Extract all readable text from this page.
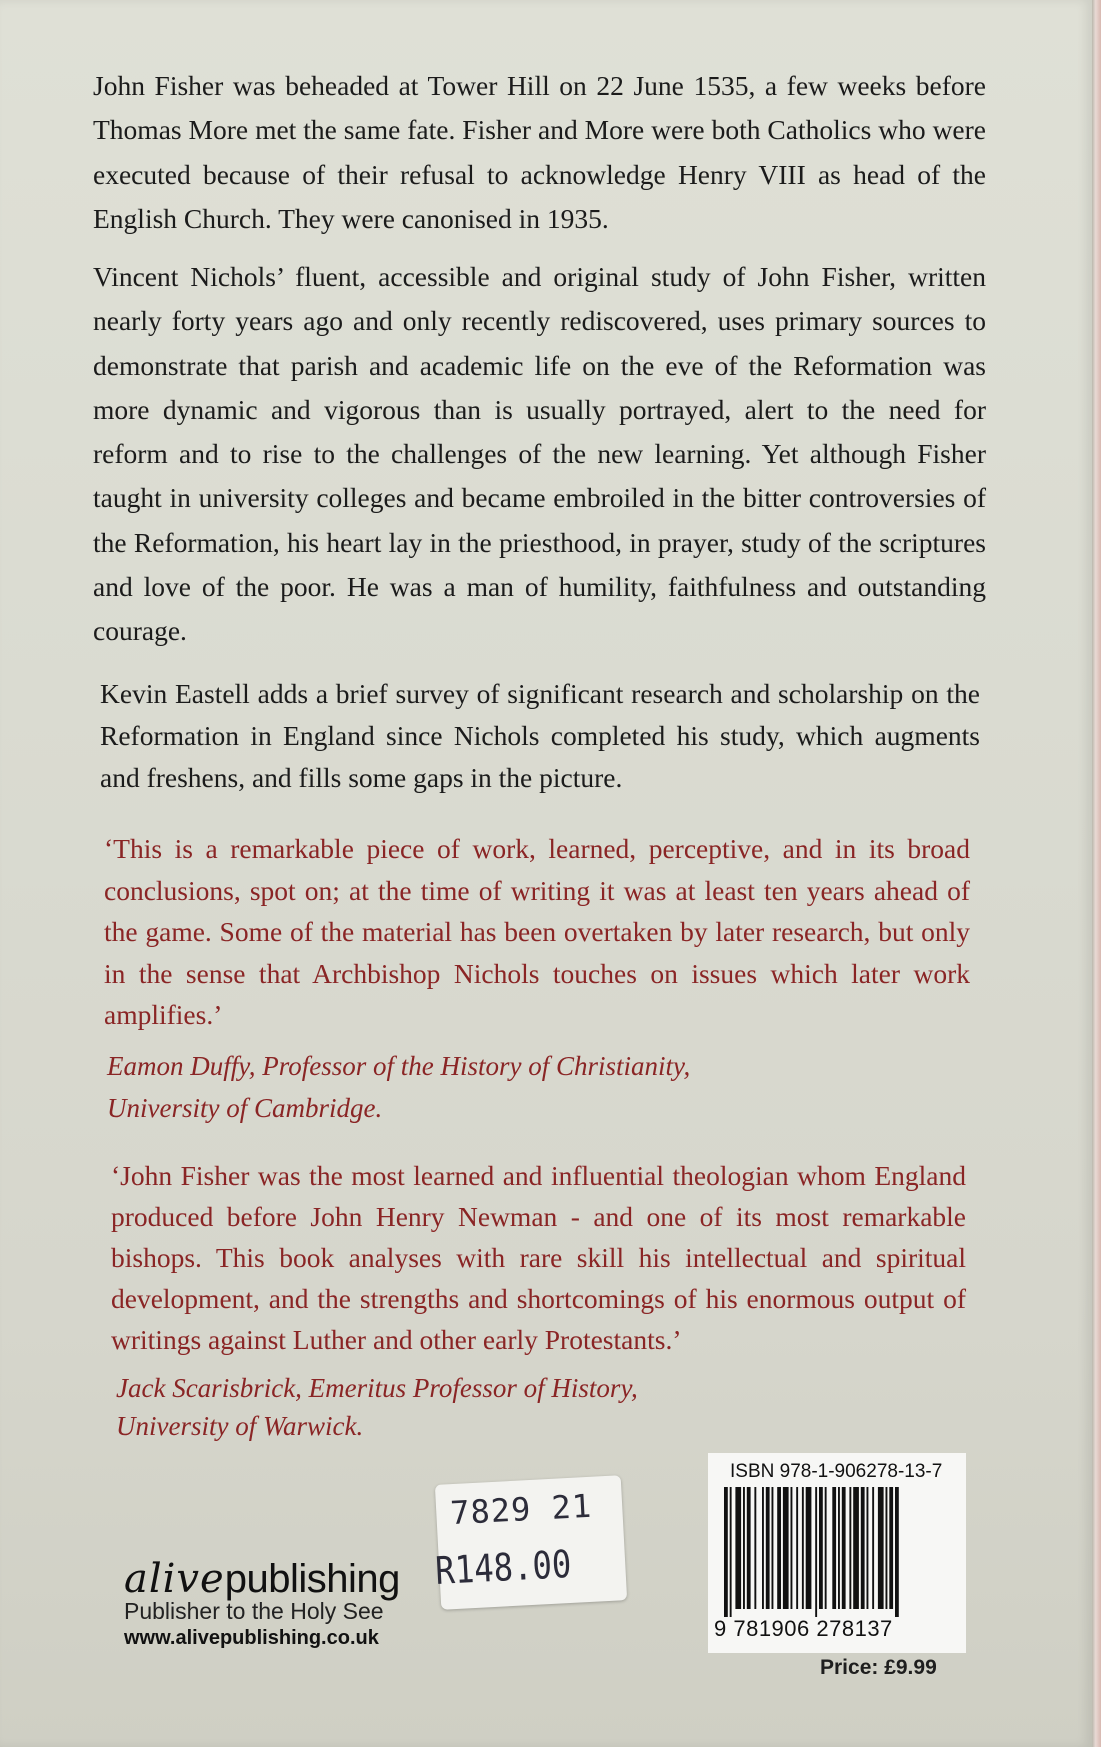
John Fisher was beheaded at Tower Hill on 22 June 1535, a few weeks before Thomas More met the same fate. Fisher and More were both Catholics who were executed because of their refusal to acknowledge Henry VIII as head of the English Church. They were canonised in 1935.

Vincent Nichols’ fluent, accessible and original study of John Fisher, written nearly forty years ago and only recently rediscovered, uses primary sources to demonstrate that parish and academic life on the eve of the Reformation was more dynamic and vigorous than is usually portrayed, alert to the need for reform and to rise to the challenges of the new learning. Yet although Fisher taught in university colleges and became embroiled in the bitter controversies of the Reformation, his heart lay in the priesthood, in prayer, study of the scriptures and love of the poor. He was a man of humility, faithfulness and outstanding courage.

Kevin Eastell adds a brief survey of significant research and scholarship on the Reformation in England since Nichols completed his study, which augments and freshens, and fills some gaps in the picture.

‘This is a remarkable piece of work, learned, perceptive, and in its broad conclusions, spot on; at the time of writing it was at least ten years ahead of the game. Some of the material has been overtaken by later research, but only in the sense that Archbishop Nichols touches on issues which later work amplifies.’

Eamon Duffy, Professor of the History of Christianity,
University of Cambridge.

‘John Fisher was the most learned and influential theologian whom England produced before John Henry Newman - and one of its most remarkable bishops. This book analyses with rare skill his intellectual and spiritual development, and the strengths and shortcomings of his enormous output of writings against Luther and other early Protestants.’

Jack Scarisbrick, Emeritus Professor of History,
University of Warwick.
alivepublishing
Publisher to the Holy See
www.alivepublishing.co.uk
7829 21
R148.00
ISBN 978-1-906278-13-7
9 781906 278137
Price: £9.99
